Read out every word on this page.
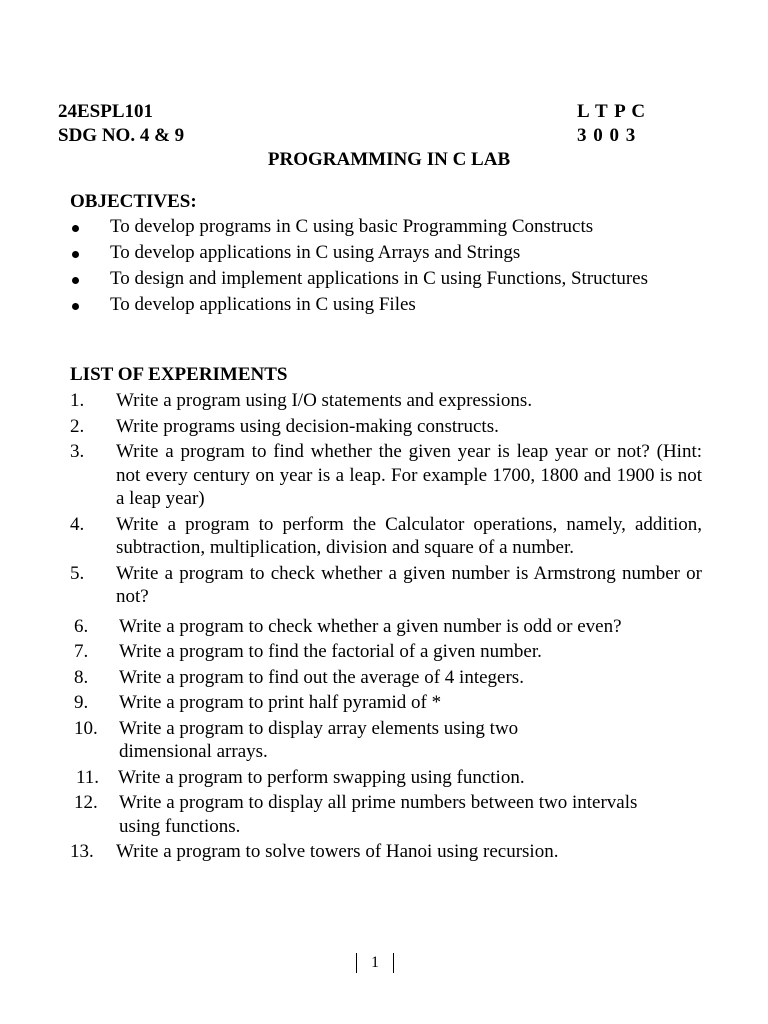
24ESPL101	L T P C
SDG NO. 4 & 9	3 0 0 3
PROGRAMMING IN C LAB
OBJECTIVES:
To develop programs in C using basic Programming Constructs
To develop applications in C using Arrays and Strings
To design and implement applications in C using Functions, Structures
To develop applications in C using Files
LIST OF EXPERIMENTS
1.	Write a program using I/O statements and expressions.
2.	Write programs using decision-making constructs.
3.	Write a program to find whether the given year is leap year or not? (Hint: not every century on year is a leap. For example 1700, 1800 and 1900 is not a leap year)
4.	Write a program to perform the Calculator operations, namely, addition, subtraction, multiplication, division and square of a number.
5.	Write a program to check whether a given number is Armstrong number or not?
6.	Write a program to check whether a given number is odd or even?
7.	Write a program to find the factorial of a given number.
8.	Write a program to find out the average of 4 integers.
9.	Write a program to print half pyramid of *
10.	Write a program to display array elements using two dimensional arrays.
11. Write a program to perform swapping using function.
12.	Write a program to display all prime numbers between two intervals using functions.
13.	Write a program to solve towers of Hanoi using recursion.
1
